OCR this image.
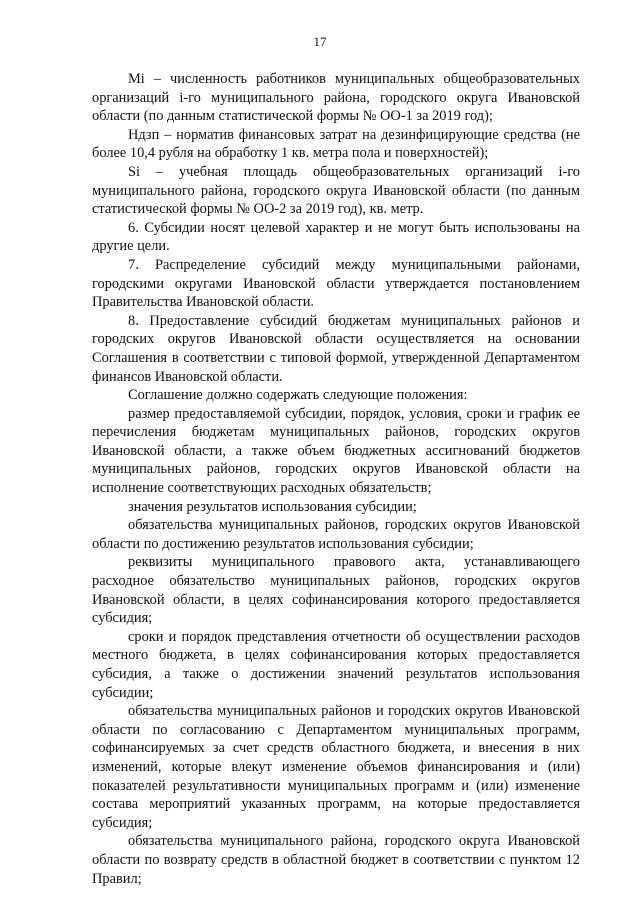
17

Mi – численность работников муниципальных общеобразовательных организаций i-го муниципального района, городского округа Ивановской области (по данным статистической формы № ОО-1 за 2019 год);

Ндзп – норматив финансовых затрат на дезинфицирующие средства (не более 10,4 рубля на обработку 1 кв. метра пола и поверхностей);

Si – учебная площадь общеобразовательных организаций i-го муниципального района, городского округа Ивановской области (по данным статистической формы № ОО-2 за 2019 год), кв. метр.

6. Субсидии носят целевой характер и не могут быть использованы на другие цели.

7. Распределение субсидий между муниципальными районами, городскими округами Ивановской области утверждается постановлением Правительства Ивановской области.

8. Предоставление субсидий бюджетам муниципальных районов и городских округов Ивановской области осуществляется на основании Соглашения в соответствии с типовой формой, утвержденной Департаментом финансов Ивановской области.

Соглашение должно содержать следующие положения:

размер предоставляемой субсидии, порядок, условия, сроки и график ее перечисления бюджетам муниципальных районов, городских округов Ивановской области, а также объем бюджетных ассигнований бюджетов муниципальных районов, городских округов Ивановской области на исполнение соответствующих расходных обязательств;

значения результатов использования субсидии;

обязательства муниципальных районов, городских округов Ивановской области по достижению результатов использования субсидии;

реквизиты муниципального правового акта, устанавливающего расходное обязательство муниципальных районов, городских округов Ивановской области, в целях софинансирования которого предоставляется субсидия;

сроки и порядок представления отчетности об осуществлении расходов местного бюджета, в целях софинансирования которых предоставляется субсидия, а также о достижении значений результатов использования субсидии;

обязательства муниципальных районов и городских округов Ивановской области по согласованию с Департаментом муниципальных программ, софинансируемых за счет средств областного бюджета, и внесения в них изменений, которые влекут изменение объемов финансирования и (или) показателей результативности муниципальных программ и (или) изменение состава мероприятий указанных программ, на которые предоставляется субсидия;

обязательства муниципального района, городского округа Ивановской области по возврату средств в областной бюджет в соответствии с пунктом 12 Правил;
